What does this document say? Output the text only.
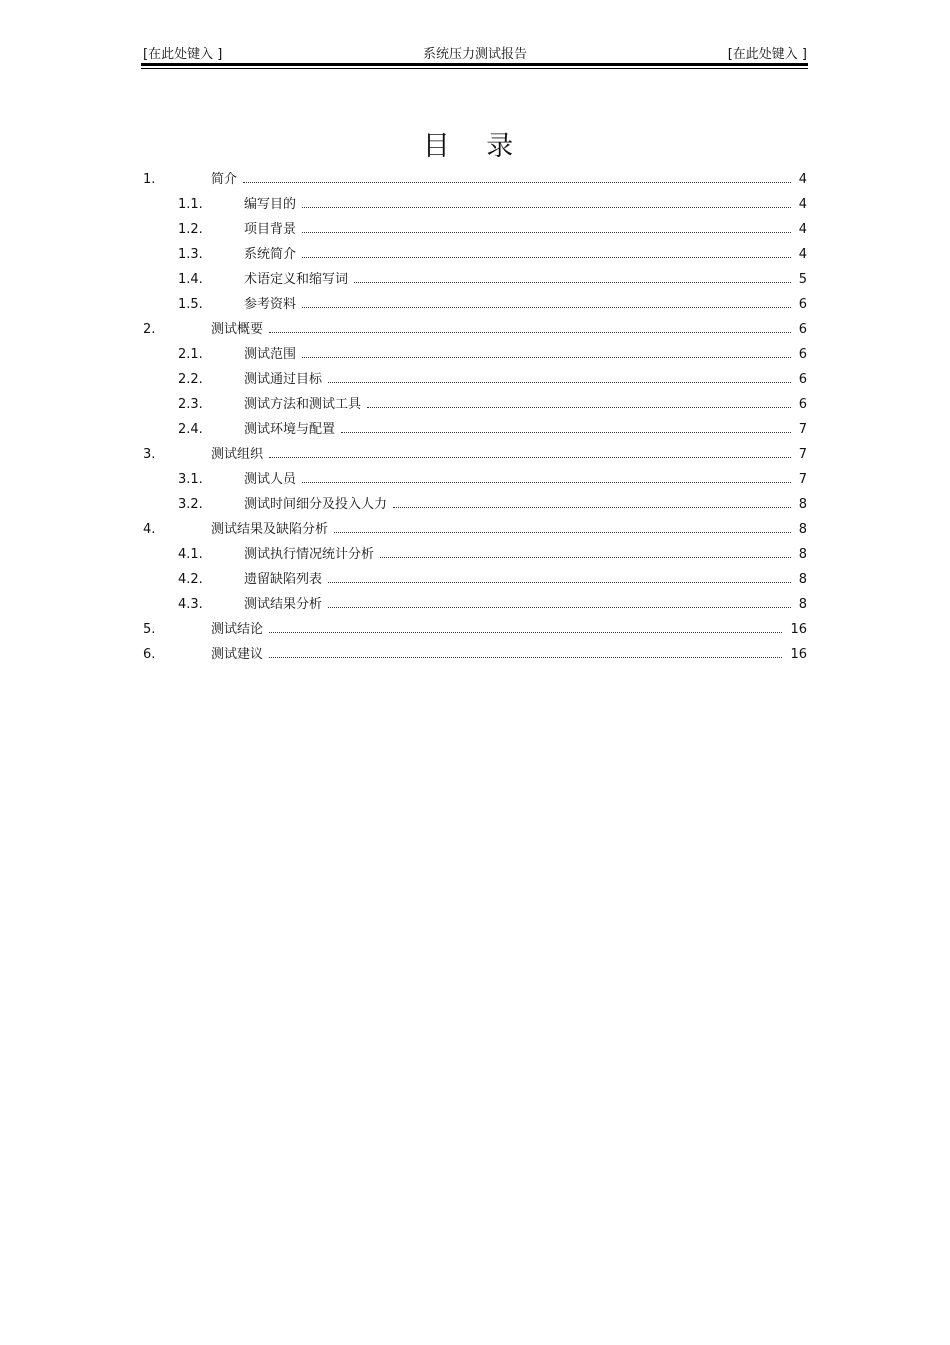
[在此处键入 ]	系统压力测试报告	[在此处键入 ]
目 录
1.	简介	4
1.1.	编写目的	4
1.2.	项目背景	4
1.3.	系统简介	4
1.4.	术语定义和缩写词	5
1.5.	参考资料	6
2.	测试概要	6
2.1.	测试范围	6
2.2.	测试通过目标	6
2.3.	测试方法和测试工具	6
2.4.	测试环境与配置	7
3.	测试组织	7
3.1.	测试人员	7
3.2.	测试时间细分及投入人力	8
4.	测试结果及缺陷分析	8
4.1.	测试执行情况统计分析	8
4.2.	遗留缺陷列表	8
4.3.	测试结果分析	8
5.	测试结论	16
6.	测试建议	16
